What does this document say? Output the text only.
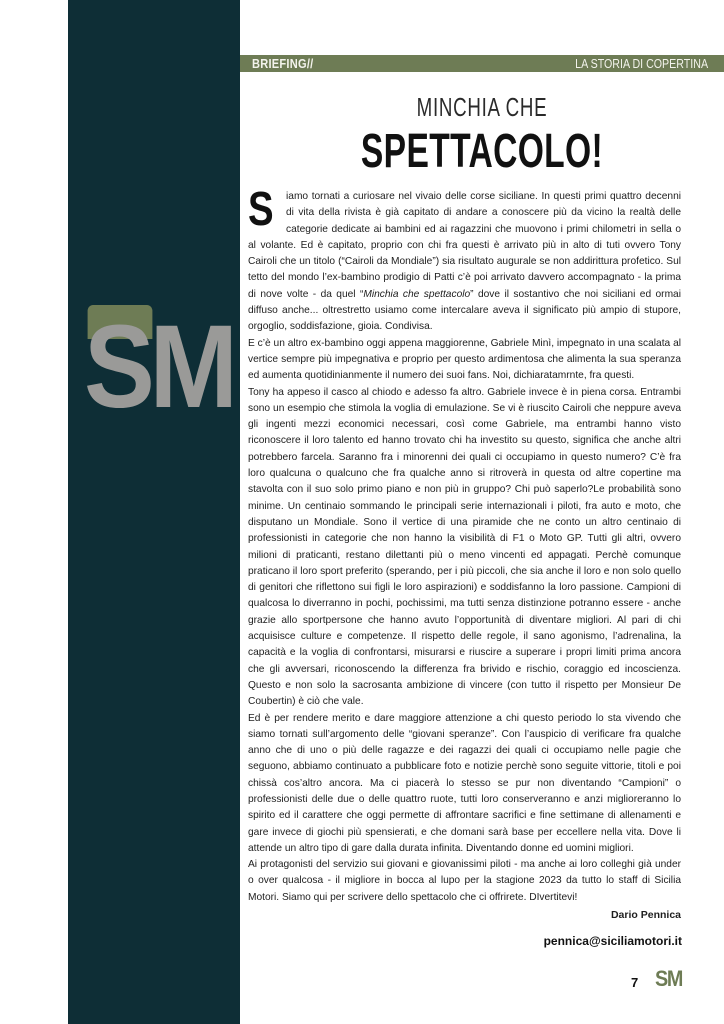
BRIEFING//	LA STORIA DI COPERTINA
MINCHIA CHE
SPETTACOLO!
SM

S iamo tornati a curiosare nel vivaio delle corse siciliane. In questi primi quattro decenni di vita della rivista è già capitato di andare a conoscere più da vicino la realtà delle categorie dedicate ai bambini ed ai ragazzini che muovono i primi chilometri in sella o al volante. Ed è capitato, proprio con chi fra questi è arrivato più in alto di tuti ovvero Tony Cairoli che un titolo (“Cairoli da Mondiale”) sia risultato augurale se non addirittura profetico. Sul tetto del mondo l’ex-bambino prodigio di Patti c’è poi arrivato davvero accompagnato - la prima di nove volte - da quel “Minchia che spettacolo” dove il sostantivo che noi siciliani ed ormai diffuso anche... oltrestretto usiamo come intercalare aveva il significato più ampio di stupore, orgoglio, soddisfazione, gioia. Condivisa.

E c’è un altro ex-bambino oggi appena maggiorenne, Gabriele Minì, impegnato in una scalata al vertice sempre più impegnativa e proprio per questo ardimentosa che alimenta la sua speranza ed aumenta quotidinianmente il numero dei suoi fans. Noi, dichiaratamrnte, fra questi.

Tony ha appeso il casco al chiodo e adesso fa altro. Gabriele invece è in piena corsa. Entrambi sono un esempio che stimola la voglia di emulazione. Se vi è riuscito Cairoli che neppure aveva gli ingenti mezzi economici necessari, così come Gabriele, ma entrambi hanno visto riconoscere il loro talento ed hanno trovato chi ha investito su questo, significa che anche altri potrebbero farcela. Saranno fra i minorenni dei quali ci occupiamo in questo numero? C’è fra loro qualcuna o qualcuno che fra qualche anno si ritroverà in questa od altre copertine ma stavolta con il suo solo primo piano e non più in gruppo? Chi può saperlo?Le probabilità sono minime. Un centinaio sommando le principali serie internazionali i piloti, fra auto e moto, che disputano un Mondiale. Sono il vertice di una piramide che ne conto un altro centinaio di professionisti in categorie che non hanno la visibilità di F1 o Moto GP. Tutti gli altri, ovvero milioni di praticanti, restano dilettanti più o meno vincenti ed appagati. Perchè comunque praticano il loro sport preferito (sperando, per i più piccoli, che sia anche il loro e non solo quello di genitori che riflettono sui figli le loro aspirazioni) e soddisfanno la loro passione. Campioni di qualcosa lo diverranno in pochi, pochissimi, ma tutti senza distinzione potranno essere - anche grazie allo sportpersone che hanno avuto l’opportunità di diventare migliori. Al pari di chi acquisisce culture e competenze. Il rispetto delle regole, il sano agonismo, l’adrenalina, la capacità e la voglia di confrontarsi, misurarsi e riuscire a superare i propri limiti prima ancora che gli avversari, riconoscendo la differenza fra brivido e rischio, coraggio ed incoscienza. Questo e non solo la sacrosanta ambizione di vincere (con tutto il rispetto per Monsieur De Coubertin) è ciò che vale.

Ed è per rendere merito e dare maggiore attenzione a chi questo periodo lo sta vivendo che siamo tornati sull’argomento delle “giovani speranze”. Con l’auspicio di verificare fra qualche anno che di uno o più delle ragazze e dei ragazzi dei quali ci occupiamo nelle pagie che seguono, abbiamo continuato a pubblicare foto e notizie perchè sono seguite vittorie, titoli e poi chissà cos’altro ancora. Ma ci piacerà lo stesso se pur non diventando “Campioni” o professionisti delle due o delle quattro ruote, tutti loro conserveranno e anzi miglioreranno lo spirito ed il carattere che oggi permette di affrontare sacrifici e fine settimane di allenamenti e gare invece di giochi più spensierati, e che domani sarà base per eccellere nella vita. Dove li attende un altro tipo di gare dalla durata infinita. Diventando donne ed uomini migliori.

Ai protagonisti del servizio sui giovani e giovanissimi piloti - ma anche ai loro colleghi già under o over qualcosa - il migliore in bocca al lupo per la stagione 2023 da tutto lo staff di Sicilia Motori. Siamo qui per scrivere dello spettacolo che ci offrirete. DIvertitevi!

Dario Pennica

pennica@siciliamotori.it
7 SM
